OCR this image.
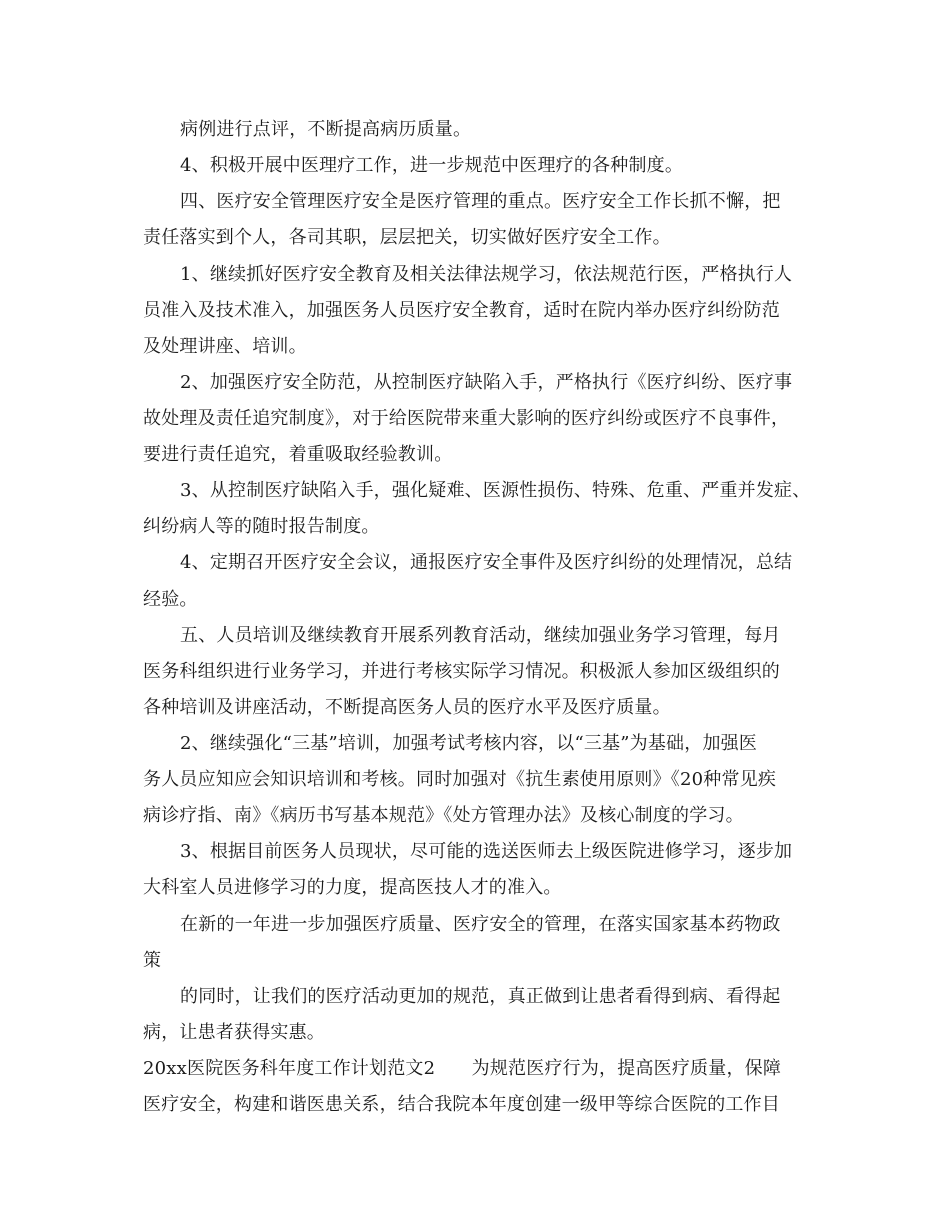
病例进行点评，不断提高病历质量。
4、积极开展中医理疗工作，进一步规范中医理疗的各种制度。
四、医疗安全管理医疗安全是医疗管理的重点。医疗安全工作长抓不懈，把
责任落实到个人，各司其职，层层把关，切实做好医疗安全工作。
1、继续抓好医疗安全教育及相关法律法规学习，依法规范行医，严格执行人
员准入及技术准入，加强医务人员医疗安全教育，适时在院内举办医疗纠纷防范
及处理讲座、培训。
2、加强医疗安全防范，从控制医疗缺陷入手，严格执行《医疗纠纷、医疗事
故处理及责任追究制度》，对于给医院带来重大影响的医疗纠纷或医疗不良事件，
要进行责任追究，着重吸取经验教训。
3、从控制医疗缺陷入手，强化疑难、医源性损伤、特殊、危重、严重并发症、
纠纷病人等的随时报告制度。
4、定期召开医疗安全会议，通报医疗安全事件及医疗纠纷的处理情况，总结
经验。
五、人员培训及继续教育开展系列教育活动，继续加强业务学习管理，每月
医务科组织进行业务学习，并进行考核实际学习情况。积极派人参加区级组织的
各种培训及讲座活动，不断提高医务人员的医疗水平及医疗质量。
2、继续强化“三基”培训，加强考试考核内容，以“三基”为基础，加强医
务人员应知应会知识培训和考核。同时加强对《抗生素使用原则》《20种常见疾
病诊疗指、南》《病历书写基本规范》《处方管理办法》及核心制度的学习。
3、根据目前医务人员现状，尽可能的选送医师去上级医院进修学习，逐步加
大科室人员进修学习的力度，提高医技人才的准入。
在新的一年进一步加强医疗质量、医疗安全的管理，在落实国家基本药物政
策
的同时，让我们的医疗活动更加的规范，真正做到让患者看得到病、看得起
病，让患者获得实惠。
20xx医院医务科年度工作计划范文2　　为规范医疗行为，提高医疗质量，保障
医疗安全，构建和谐医患关系，结合我院本年度创建一级甲等综合医院的工作目
